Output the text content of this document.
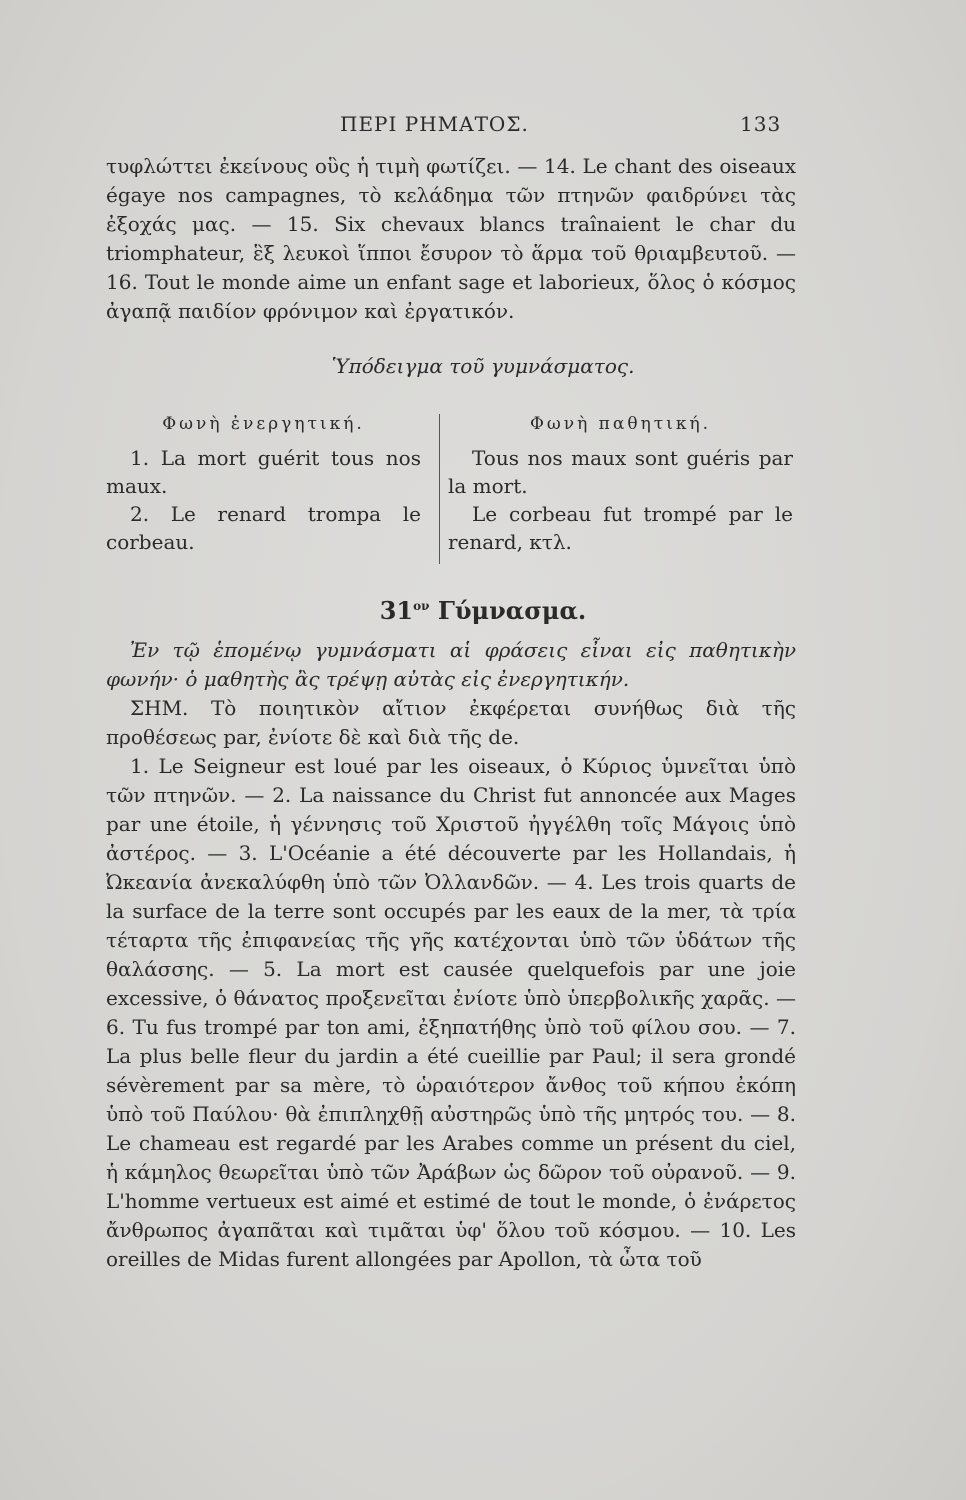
ΠΕΡΙ ΡΗΜΑΤΟΣ.	133

τυφλώττει ἐκείνους οὓς ἡ τιμὴ φωτίζει. — 14. Le chant des oiseaux égaye nos campagnes, τὸ κελάδημα τῶν πτηνῶν φαιδρύνει τὰς ἐξοχάς μας. — 15. Six chevaux blancs traînaient le char du triomphateur, ἓξ λευκοὶ ἵπποι ἔσυρον τὸ ἅρμα τοῦ θριαμβευτοῦ. — 16. Tout le monde aime un enfant sage et laborieux, ὅλος ὁ κόσμος ἀγαπᾷ παιδίον φρόνιμον καὶ ἐργατικόν.

Ὑπόδειγμα τοῦ γυμνάσματος.
Φωνὴ ἐνεργητική.

1. La mort guérit tous nos maux.

2. Le renard trompa le corbeau.

Φωνὴ παθητική.

Tous nos maux sont guéris par la mort.

Le corbeau fut trompé par le renard, κτλ.

$31^{o\nu}$ Γύμνασμα.

Ἐν τῷ ἑπομένῳ γυμνάσματι αἱ φράσεις εἶναι εἰς παθητικὴν φωνήν· ὁ μαθητὴς ἂς τρέψῃ αὐτὰς εἰς ἐνεργητικήν.

ΣΗΜ. Τὸ ποιητικὸν αἴτιον ἐκφέρεται συνήθως διὰ τῆς προθέσεως par, ἐνίοτε δὲ καὶ διὰ τῆς de.

1. Le Seigneur est loué par les oiseaux, ὁ Κύριος ὑμνεῖται ὑπὸ τῶν πτηνῶν. — 2. La naissance du Christ fut annoncée aux Mages par une étoile, ἡ γέννησις τοῦ Χριστοῦ ἠγγέλθη τοῖς Μάγοις ὑπὸ ἀστέρος. — 3. L'Océanie a été découverte par les Hollandais, ἡ Ὠκεανία ἀνεκαλύφθη ὑπὸ τῶν Ὀλλανδῶν. — 4. Les trois quarts de la surface de la terre sont occupés par les eaux de la mer, τὰ τρία τέταρτα τῆς ἐπιφανείας τῆς γῆς κατέχονται ὑπὸ τῶν ὑδάτων τῆς θαλάσσης. — 5. La mort est causée quelquefois par une joie excessive, ὁ θάνατος προξενεῖται ἐνίοτε ὑπὸ ὑπερβολικῆς χαρᾶς. — 6. Tu fus trompé par ton ami, ἐξηπατήθης ὑπὸ τοῦ φίλου σου. — 7. La plus belle fleur du jardin a été cueillie par Paul; il sera grondé sévèrement par sa mère, τὸ ὡραιότερον ἄνθος τοῦ κήπου ἐκόπη ὑπὸ τοῦ Παύλου· θὰ ἐπιπληχθῇ αὐστηρῶς ὑπὸ τῆς μητρός του. — 8. Le chameau est regardé par les Arabes comme un présent du ciel, ἡ κάμηλος θεωρεῖται ὑπὸ τῶν Ἀράβων ὡς δῶρον τοῦ οὐρανοῦ. — 9. L'homme vertueux est aimé et estimé de tout le monde, ὁ ἐνάρετος ἄνθρωπος ἀγαπᾶται καὶ τιμᾶται ὑφ' ὅλου τοῦ κόσμου. — 10. Les oreilles de Midas furent allongées par Apollon, τὰ ὦτα τοῦ
